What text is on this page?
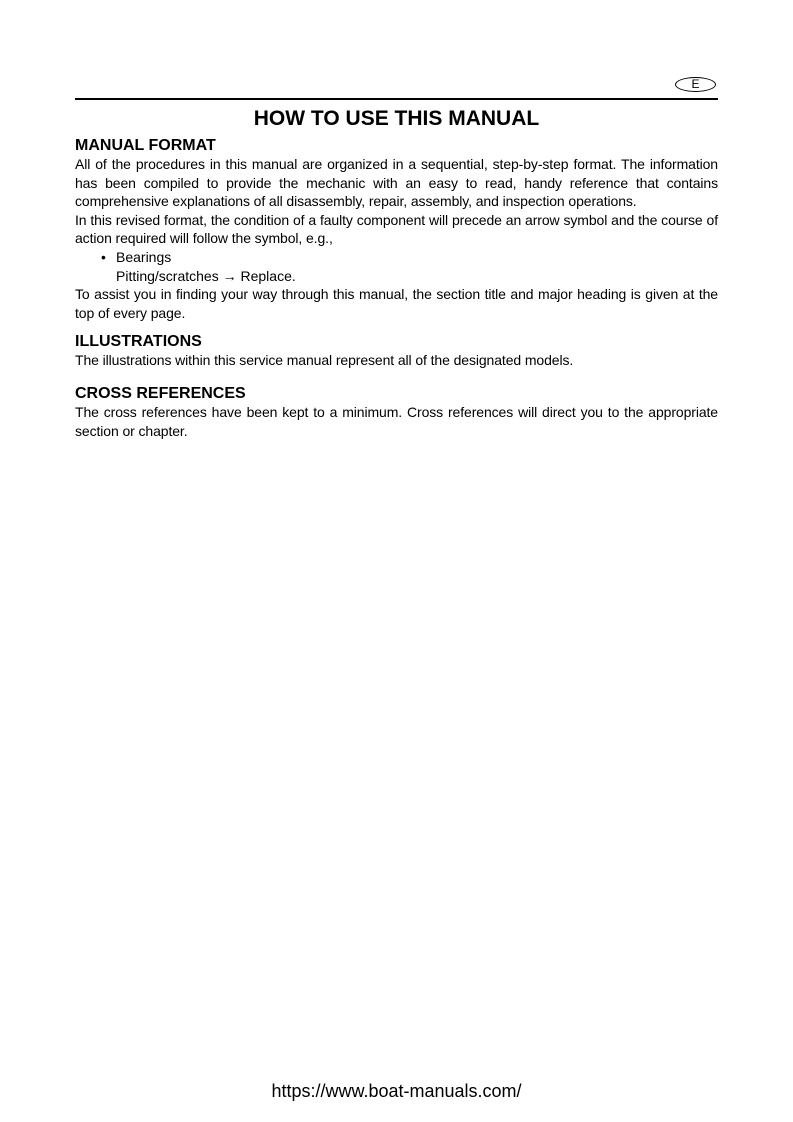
E
HOW TO USE THIS MANUAL
MANUAL FORMAT

All of the procedures in this manual are organized in a sequential, step-by-step format. The information has been compiled to provide the mechanic with an easy to read, handy reference that contains comprehensive explanations of all disassembly, repair, assembly, and inspection operations.

In this revised format, the condition of a faulty component will precede an arrow symbol and the course of action required will follow the symbol, e.g.,

• Bearings

Pitting/scratches → Replace.

To assist you in finding your way through this manual, the section title and major heading is given at the top of every page.

ILLUSTRATIONS

The illustrations within this service manual represent all of the designated models.

CROSS REFERENCES

The cross references have been kept to a minimum. Cross references will direct you to the appropriate section or chapter.

https://www.boat-manuals.com/
